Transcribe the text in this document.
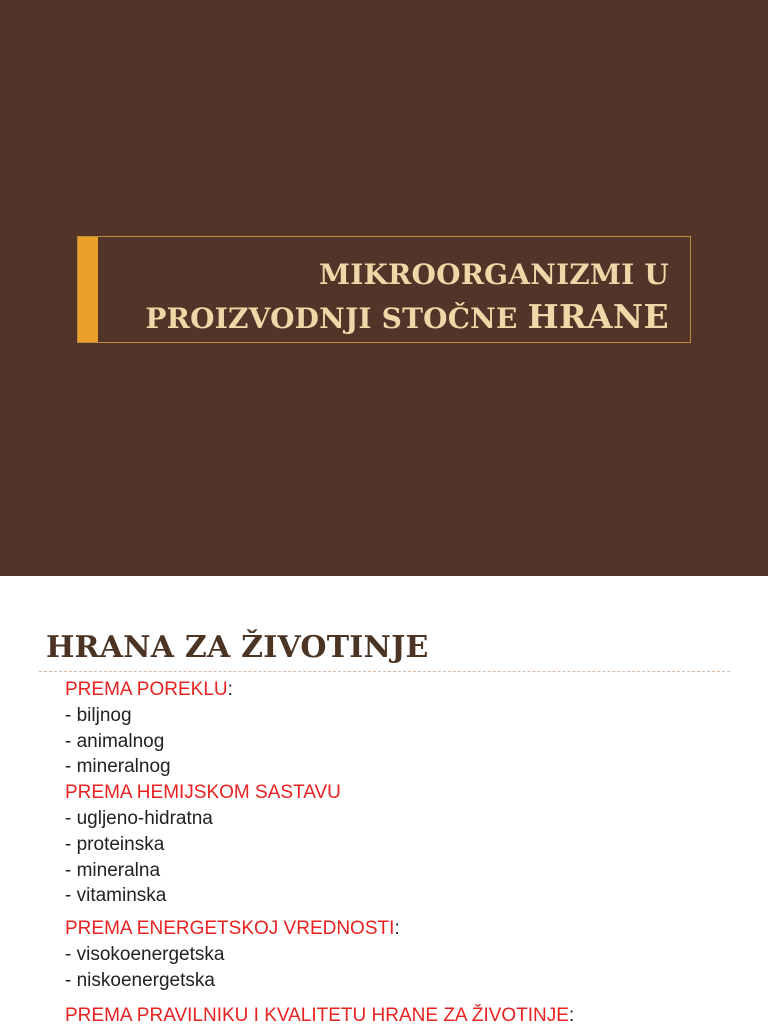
MIKROORGANIZMI U
PROIZVODNJI STOČNE HRANE
HRANA ZA ŽIVOTINJE
PREMA POREKLU:
- biljnog
- animalnog
- mineralnog
PREMA HEMIJSKOM SASTAVU
- ugljeno-hidratna
- proteinska
- mineralna
- vitaminska
PREMA ENERGETSKOJ VREDNOSTI:
- visokoenergetska
- niskoenergetska
PREMA PRAVILNIKU I KVALITETU HRANE ZA ŽIVOTINJE:
